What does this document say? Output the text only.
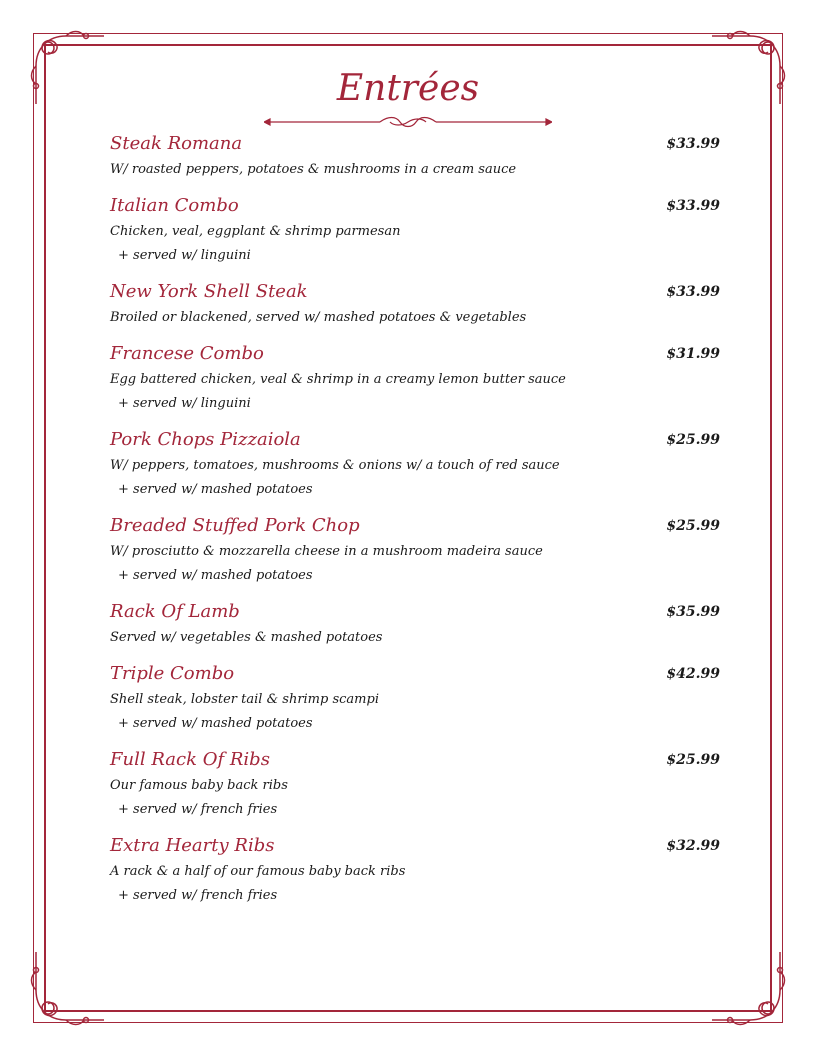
Entrées
Steak Romana	$33.99
W/ roasted peppers, potatoes & mushrooms in a cream sauce
Italian Combo	$33.99
Chicken, veal, eggplant & shrimp parmesan
+ served w/ linguini
New York Shell Steak	$33.99
Broiled or blackened, served w/ mashed potatoes & vegetables
Francese Combo	$31.99
Egg battered chicken, veal & shrimp in a creamy lemon butter sauce
+ served w/ linguini
Pork Chops Pizzaiola	$25.99
W/ peppers, tomatoes, mushrooms & onions w/ a touch of red sauce
+ served w/ mashed potatoes
Breaded Stuffed Pork Chop	$25.99
W/ prosciutto & mozzarella cheese in a mushroom madeira sauce
+ served w/ mashed potatoes
Rack Of Lamb	$35.99
Served w/ vegetables & mashed potatoes
Triple Combo	$42.99
Shell steak, lobster tail & shrimp scampi
+ served w/ mashed potatoes
Full Rack Of Ribs	$25.99
Our famous baby back ribs
+ served w/ french fries
Extra Hearty Ribs	$32.99
A rack & a half of our famous baby back ribs
+ served w/ french fries
